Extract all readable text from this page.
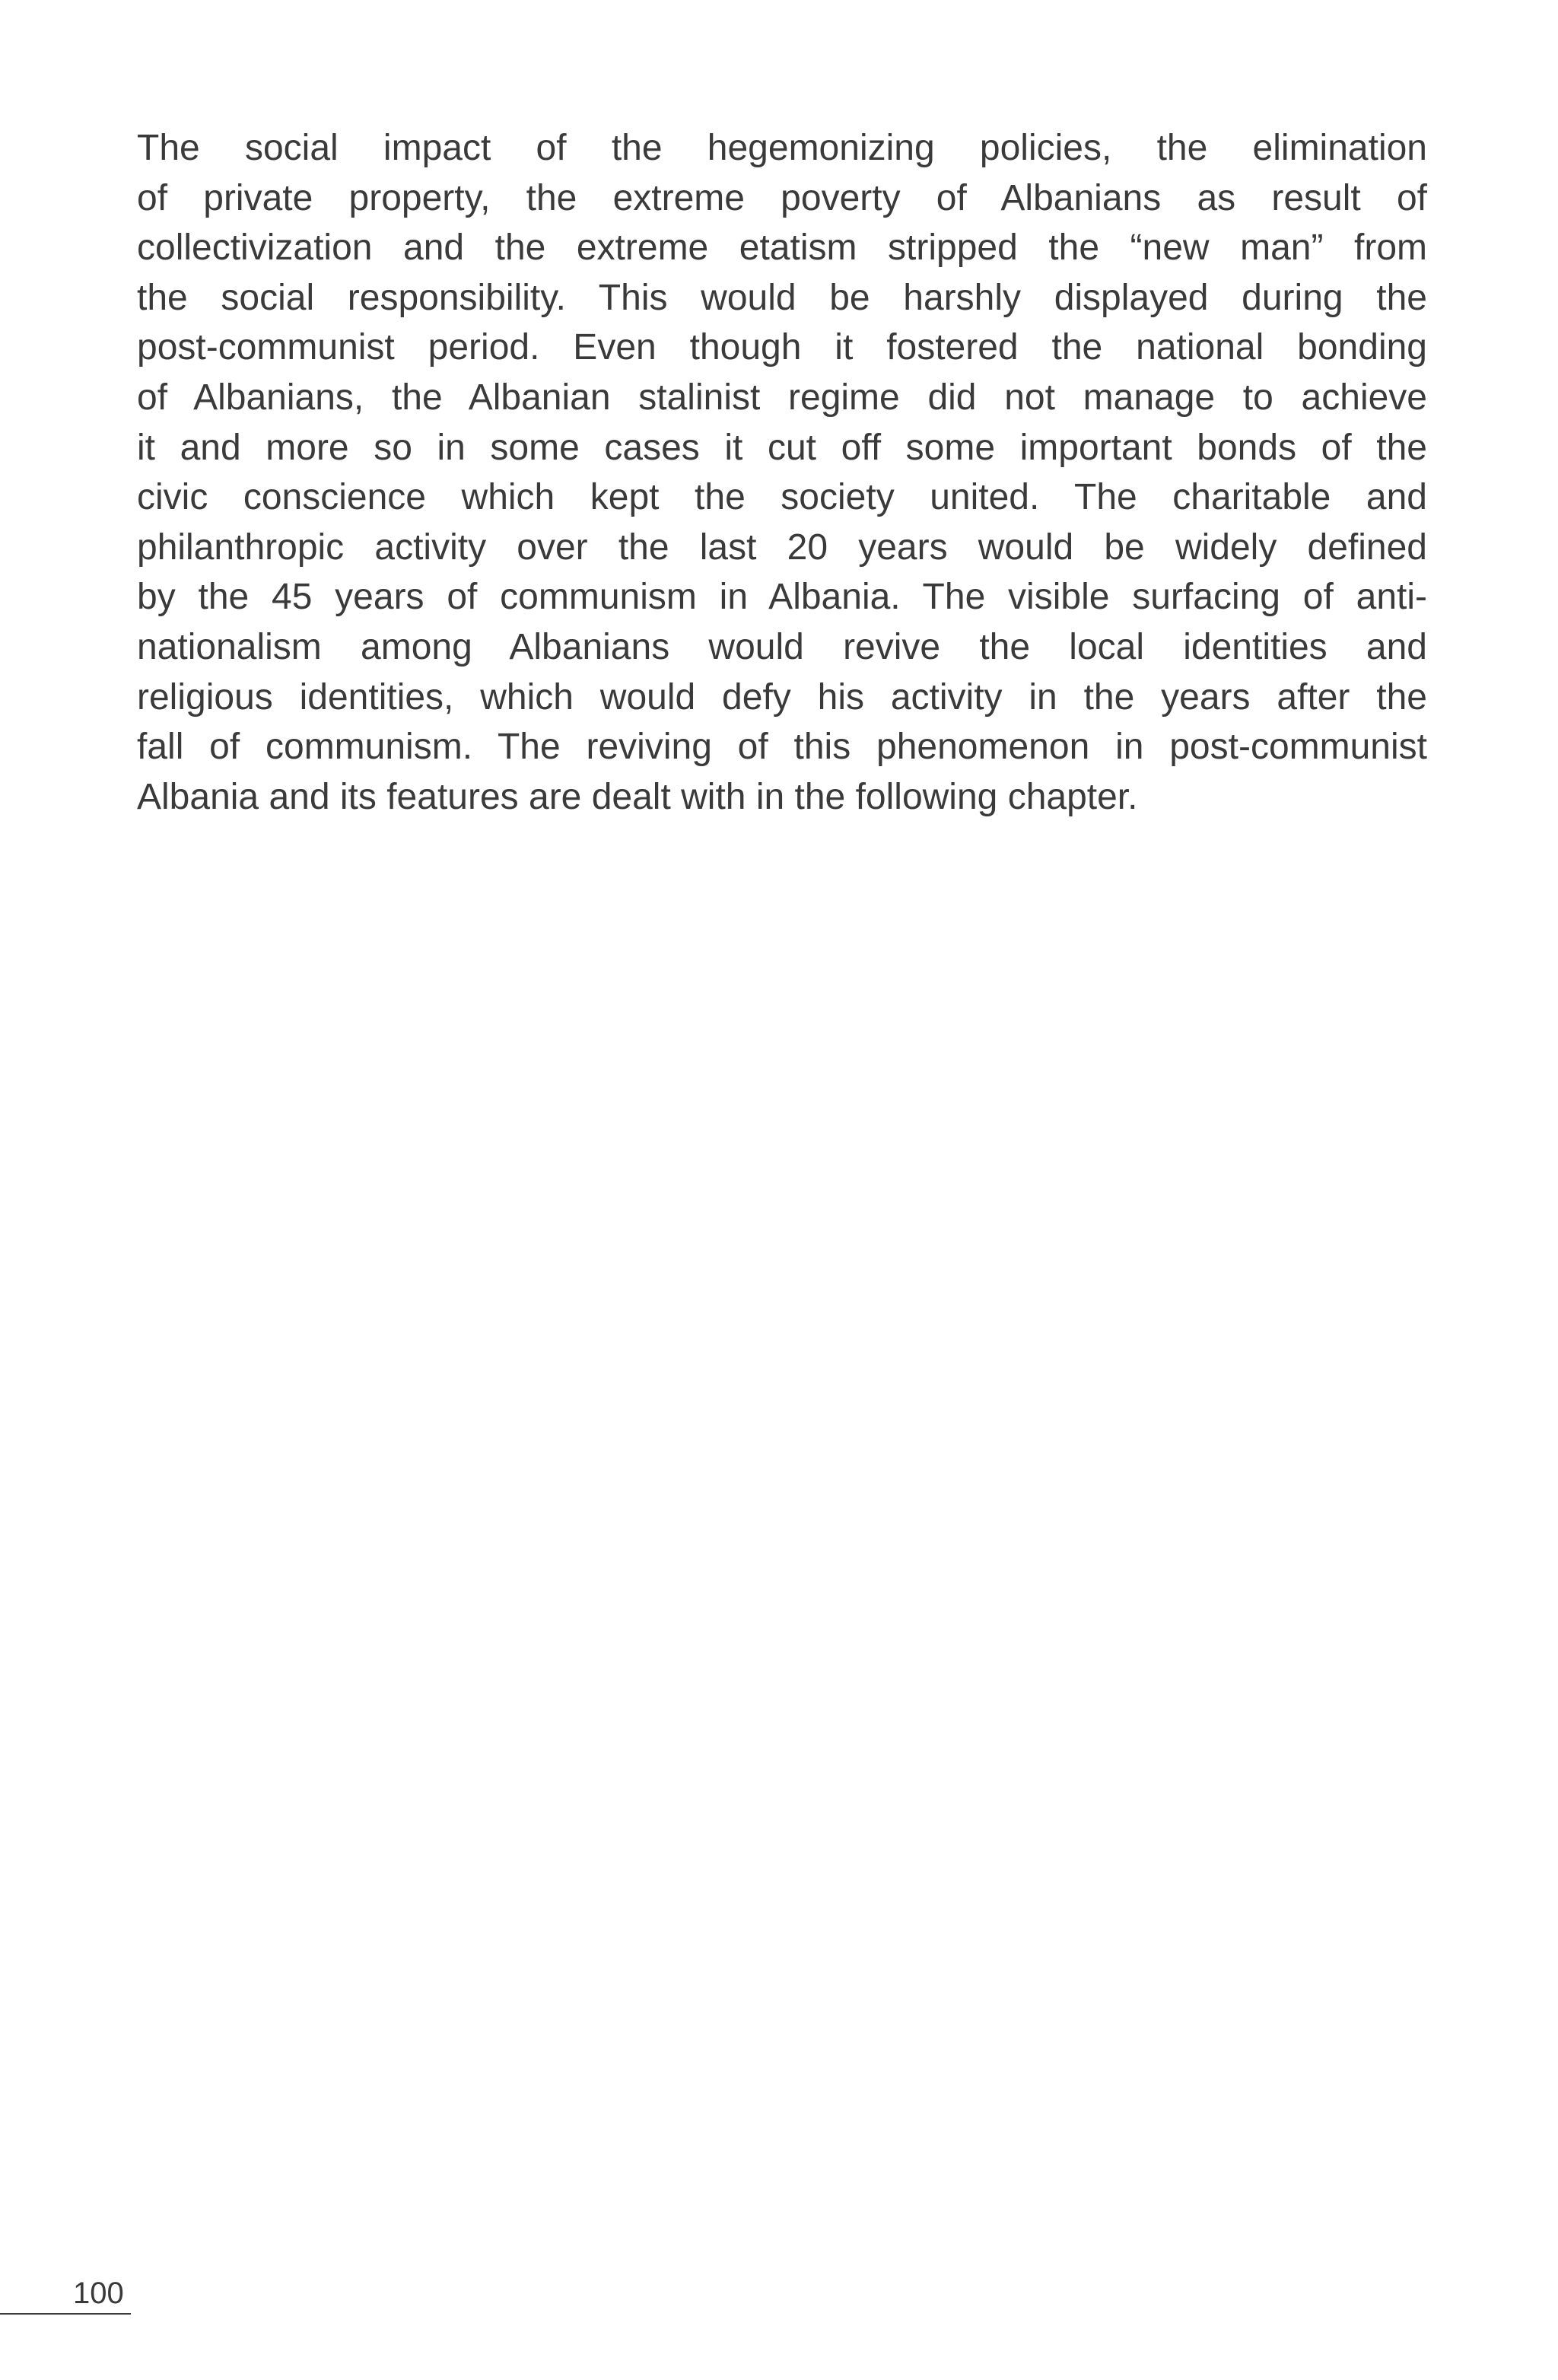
The social impact of the hegemonizing policies, the elimination
of private property, the extreme poverty of Albanians as result of
collectivization and the extreme etatism stripped the “new man” from
the social responsibility. This would be harshly displayed during the
post-communist period. Even though it fostered the national bonding
of Albanians, the Albanian stalinist regime did not manage to achieve
it and more so in some cases it cut off some important bonds of the
civic conscience which kept the society united. The charitable and
philanthropic activity over the last 20 years would be widely defined
by the 45 years of communism in Albania. The visible surfacing of anti-
nationalism among Albanians would revive the local identities and
religious identities, which would defy his activity in the years after the
fall of communism. The reviving of this phenomenon in post-communist
Albania and its features are dealt with in the following chapter.

100
